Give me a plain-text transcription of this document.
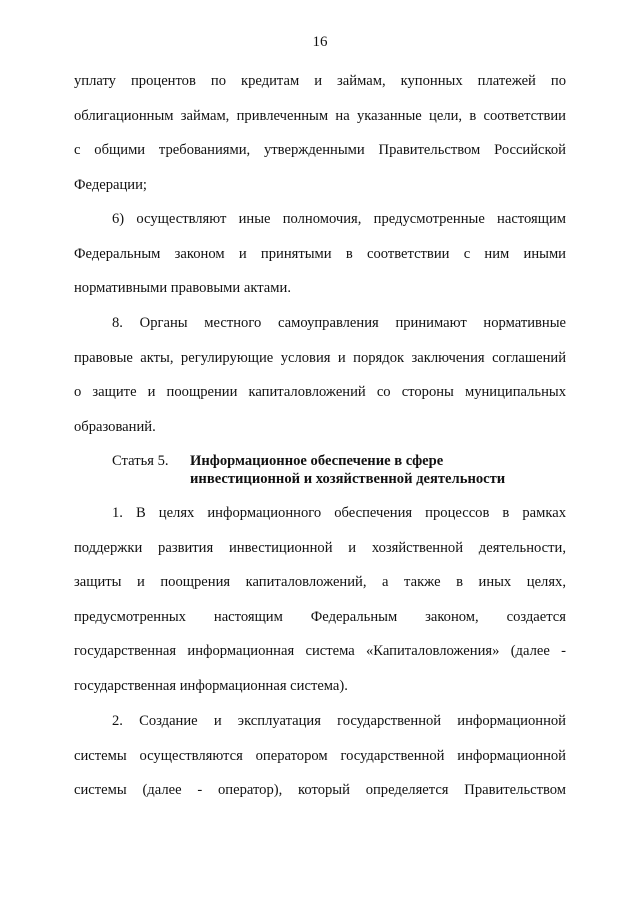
16
уплату процентов по кредитам и займам, купонных платежей по
облигационным займам, привлеченным на указанные цели, в соответствии
с общими требованиями, утвержденными Правительством Российской
Федерации;
6) осуществляют иные полномочия, предусмотренные настоящим
Федеральным законом и принятыми в соответствии с ним иными
нормативными правовыми актами.
8. Органы местного самоуправления принимают нормативные
правовые акты, регулирующие условия и порядок заключения соглашений
о защите и поощрении капиталовложений со стороны муниципальных
образований.
Статья 5. Информационное обеспечение в сфере
инвестиционной и хозяйственной деятельности
1. В целях информационного обеспечения процессов в рамках
поддержки развития инвестиционной и хозяйственной деятельности,
защиты и поощрения капиталовложений, а также в иных целях,
предусмотренных настоящим Федеральным законом, создается
государственная информационная система «Капиталовложения» (далее -
государственная информационная система).
2. Создание и эксплуатация государственной информационной
системы осуществляются оператором государственной информационной
системы (далее - оператор), который определяется Правительством
